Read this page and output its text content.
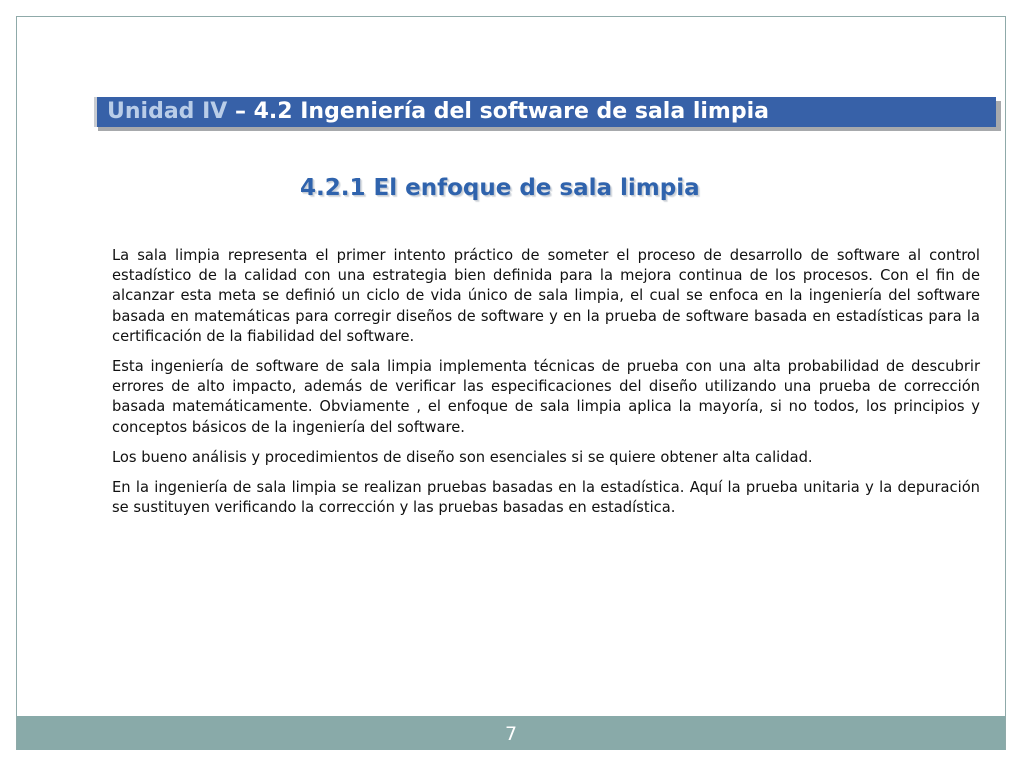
Unidad IV – 4.2 Ingeniería del software de sala limpia
4.2.1 El enfoque de sala limpia

La sala limpia representa el primer intento práctico de someter el proceso de desarrollo de software al control estadístico de la calidad con una estrategia bien definida para la mejora continua de los procesos. Con el fin de alcanzar esta meta se definió un ciclo de vida único de sala limpia, el cual se enfoca en la ingeniería del software basada en matemáticas para corregir diseños de software y en la prueba de software basada en estadísticas para la certificación de la fiabilidad del software.

Esta ingeniería de software de sala limpia implementa técnicas de prueba con una alta probabilidad de descubrir errores de alto impacto, además de verificar las especificaciones del diseño utilizando una prueba de corrección basada matemáticamente. Obviamente , el enfoque de sala limpia aplica la mayoría, si no todos, los principios y conceptos básicos de la ingeniería del software.

Los bueno análisis y procedimientos de diseño son esenciales si se quiere obtener alta calidad.

En la ingeniería de sala limpia se realizan pruebas basadas en la estadística. Aquí la prueba unitaria y la depuración se sustituyen verificando la corrección y las pruebas basadas en estadística.

7
